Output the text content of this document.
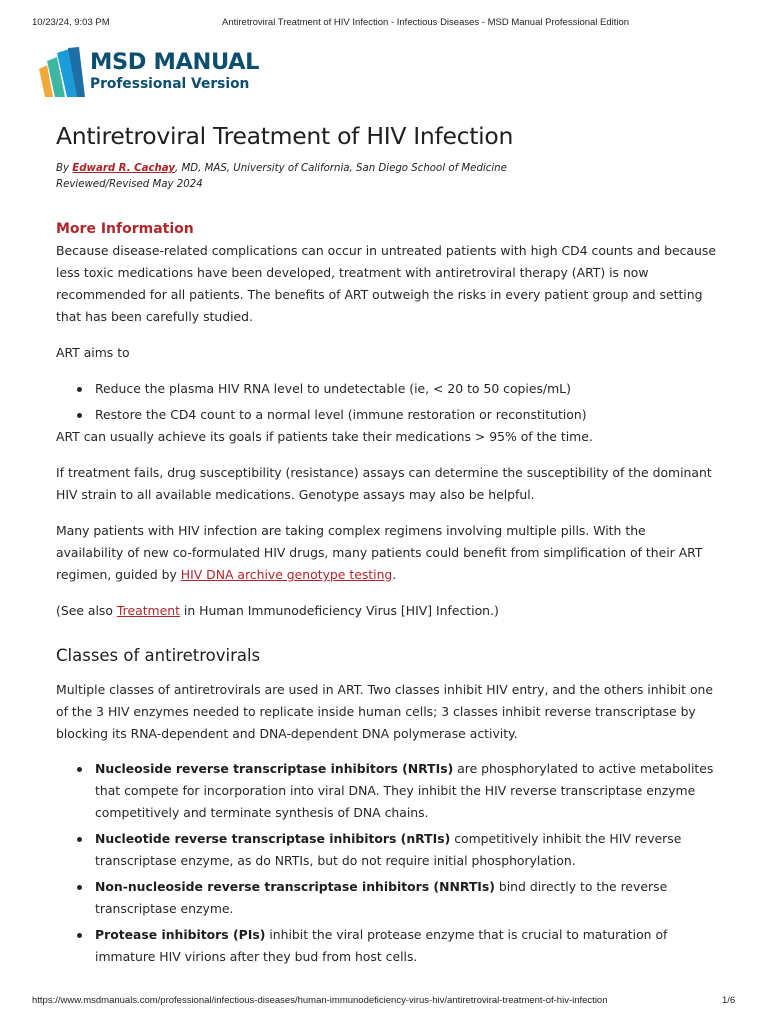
10/23/24, 9:03 PM	Antiretroviral Treatment of HIV Infection - Infectious Diseases - MSD Manual Professional Edition
MSD MANUAL
Professional Version
Antiretroviral Treatment of HIV Infection
By Edward R. Cachay, MD, MAS, University of California, San Diego School of Medicine
Reviewed/Revised May 2024
More Information

Because disease-related complications can occur in untreated patients with high CD4 counts and because less toxic medications have been developed, treatment with antiretroviral therapy (ART) is now recommended for all patients. The benefits of ART outweigh the risks in every patient group and setting that has been carefully studied.

ART aims to

Reduce the plasma HIV RNA level to undetectable (ie, < 20 to 50 copies/mL)
Restore the CD4 count to a normal level (immune restoration or reconstitution)

ART can usually achieve its goals if patients take their medications > 95% of the time.

If treatment fails, drug susceptibility (resistance) assays can determine the susceptibility of the dominant HIV strain to all available medications. Genotype assays may also be helpful.

Many patients with HIV infection are taking complex regimens involving multiple pills. With the availability of new co-formulated HIV drugs, many patients could benefit from simplification of their ART regimen, guided by HIV DNA archive genotype testing.

(See also Treatment in Human Immunodeficiency Virus [HIV] Infection.)

Classes of antiretrovirals

Multiple classes of antiretrovirals are used in ART. Two classes inhibit HIV entry, and the others inhibit one of the 3 HIV enzymes needed to replicate inside human cells; 3 classes inhibit reverse transcriptase by blocking its RNA-dependent and DNA-dependent DNA polymerase activity.

Nucleoside reverse transcriptase inhibitors (NRTIs) are phosphorylated to active metabolites that compete for incorporation into viral DNA. They inhibit the HIV reverse transcriptase enzyme competitively and terminate synthesis of DNA chains.
Nucleotide reverse transcriptase inhibitors (nRTIs) competitively inhibit the HIV reverse transcriptase enzyme, as do NRTIs, but do not require initial phosphorylation.
Non-nucleoside reverse transcriptase inhibitors (NNRTIs) bind directly to the reverse transcriptase enzyme.
Protease inhibitors (PIs) inhibit the viral protease enzyme that is crucial to maturation of immature HIV virions after they bud from host cells.
https://www.msdmanuals.com/professional/infectious-diseases/human-immunodeficiency-virus-hiv/antiretroviral-treatment-of-hiv-infection	1/6
